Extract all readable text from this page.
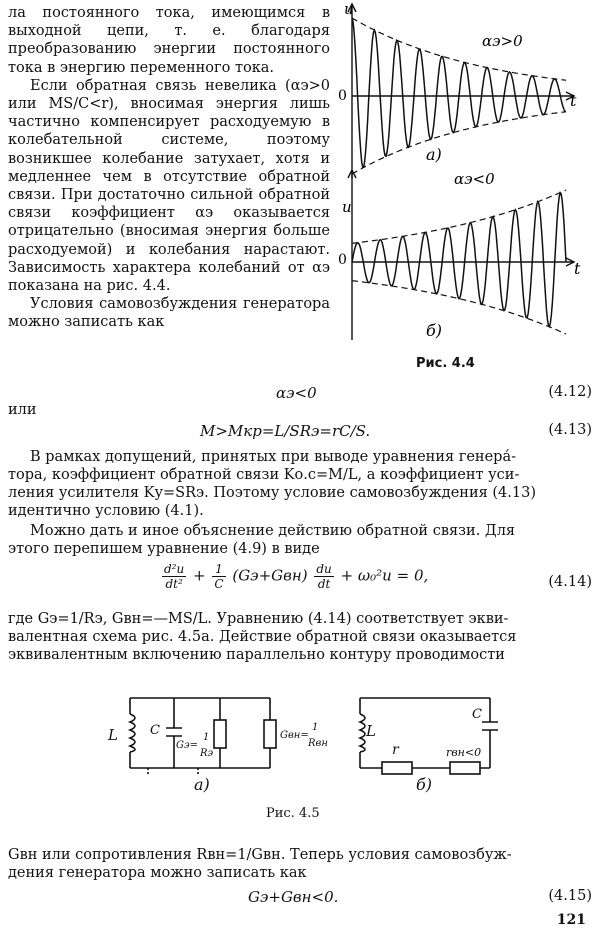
ла постоянного тока, имеющимся в выходной цепи, т. е. благодаря преобразованию энергии постоянного тока в энергию переменного тока.

Если обратная связь невелика (αэ>0 или MS/C<r), вносимая энергия лишь частично компенсирует расходуемую в колебательной системе, поэтому возникшее колебание затухает, хотя и медленнее чем в отсутствие обратной связи. При достаточно сильной обратной связи коэффициент αэ оказывается отрицательно (вносимая энергия больше расходуемой) и колебания нарастают. Зависимость характера колебаний от αэ показана на рис. 4.4.

Условия самовозбуждения генератора можно записать как

u
0	t
αэ>0
a)
u
0	t
αэ<0
б)
Рис. 4.4
αэ<0	(4.12)
или
M>Mкр=L/SRэ=rC/S.	(4.13)
В рамках допущений, принятых при выводе уравнения генера́-
тора, коэффициент обратной связи Kо.с=M/L, а коэффициент уси-
ления усилителя Kу=SRэ. Поэтому условие самовозбуждения (4.13)
идентично условию (4.1).
Можно дать и иное объяснение действию обратной связи. Для
этого перепишем уравнение (4.9) в виде
$\frac{\text{d²u}}{\text{dt²}} + \frac{1}{C} (Gэ+Gвн) \frac{du}{dt} + \omega_0^2u = 0$,	(4.14)
где Gэ=1/Rэ, Gвн=—MS/L. Уравнению (4.14) соответствует экви-
валентная схема рис. 4.5a. Действие обратной связи оказывается
эквивалентным включению параллельно контуру проводимости
L C
Gэ=
1
Rэ
Gвн=
1
Rвн
a)
L
C
r	rвн<0
б)
Рис. 4.5
Gвн или сопротивления Rвн=1/Gвн. Теперь условия самовозбуж-
дения генератора можно записать как
Gэ+Gвн<0.	(4.15)
121
